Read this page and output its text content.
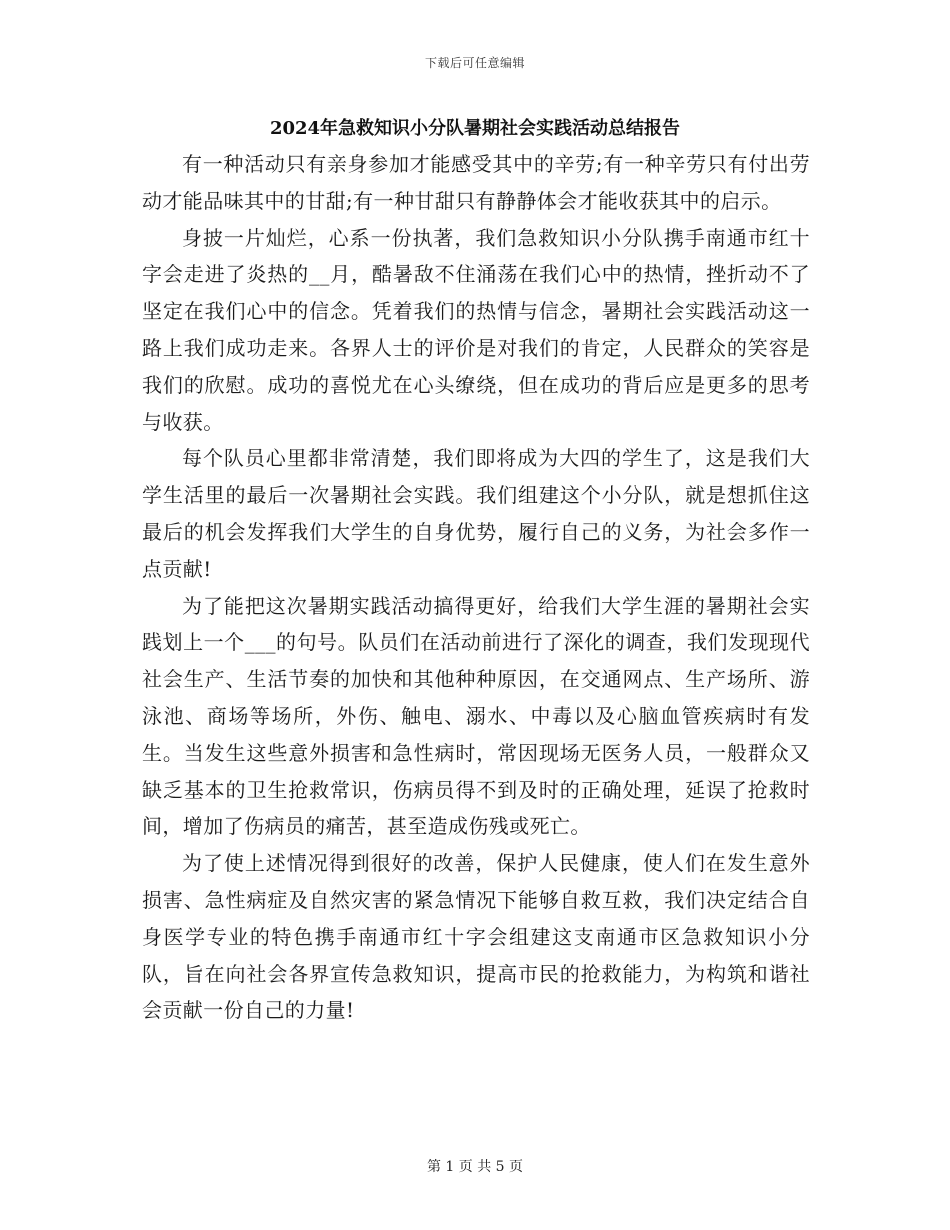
下载后可任意编辑
2024年急救知识小分队暑期社会实践活动总结报告

有一种活动只有亲身参加才能感受其中的辛劳;有一种辛劳只有付出劳动才能品味其中的甘甜;有一种甘甜只有静静体会才能收获其中的启示。

身披一片灿烂，心系一份执著，我们急救知识小分队携手南通市红十字会走进了炎热的__月，酷暑敌不住涌荡在我们心中的热情，挫折动不了坚定在我们心中的信念。凭着我们的热情与信念，暑期社会实践活动这一路上我们成功走来。各界人士的评价是对我们的肯定，人民群众的笑容是我们的欣慰。成功的喜悦尤在心头缭绕，但在成功的背后应是更多的思考与收获。

每个队员心里都非常清楚，我们即将成为大四的学生了，这是我们大学生活里的最后一次暑期社会实践。我们组建这个小分队，就是想抓住这最后的机会发挥我们大学生的自身优势，履行自己的义务，为社会多作一点贡献!

为了能把这次暑期实践活动搞得更好，给我们大学生涯的暑期社会实践划上一个___的句号。队员们在活动前进行了深化的调查，我们发现现代社会生产、生活节奏的加快和其他种种原因，在交通网点、生产场所、游泳池、商场等场所，外伤、触电、溺水、中毒以及心脑血管疾病时有发生。当发生这些意外损害和急性病时，常因现场无医务人员，一般群众又缺乏基本的卫生抢救常识，伤病员得不到及时的正确处理，延误了抢救时间，增加了伤病员的痛苦，甚至造成伤残或死亡。

为了使上述情况得到很好的改善，保护人民健康，使人们在发生意外损害、急性病症及自然灾害的紧急情况下能够自救互救，我们决定结合自身医学专业的特色携手南通市红十字会组建这支南通市区急救知识小分队，旨在向社会各界宣传急救知识，提高市民的抢救能力，为构筑和谐社会贡献一份自己的力量!

第 1 页 共 5 页
